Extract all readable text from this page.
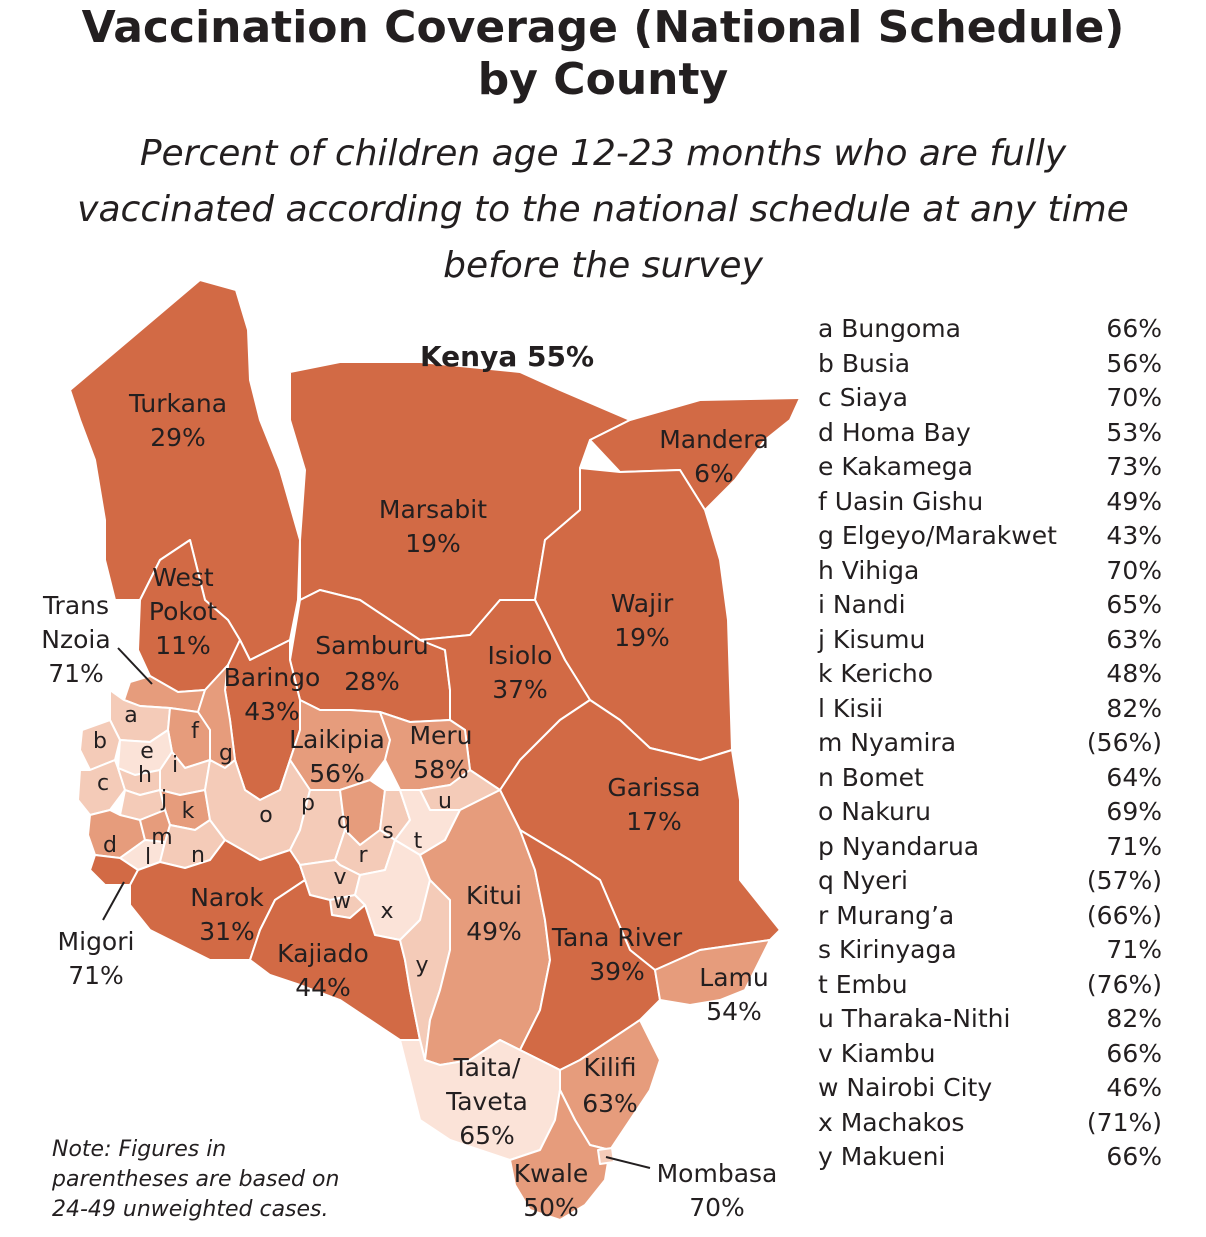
Vaccination Coverage (National Schedule)
by County

Percent of children age 12-23 months who are fully
vaccinated according to the national schedule at any time
before the survey

Kenya 55%
Turkana
29%
Marsabit
19%
Mandera
6%
Wajir
19%
West
Pokot
11%
Trans
Nzoia
71%
Samburu
28%
Isiolo
37%
Baringo
43%
Laikipia
56%
Meru
58%
Garissa
17%
Narok
31%
Migori
71%
Kajiado
44%
Kitui
49% Tana River
39% Lamu
54%
Taita/
Taveta
65%
Kilifi
63%
Kwale
50%
Mombasa
70%
a
b
c
d
e
f
g
h i
j k
l
m
n
o p
q s t
u
r
v
w x
y
a Bungoma	66%
b Busia	56%
c Siaya	70%
d Homa Bay	53%
e Kakamega	73%
f Uasin Gishu	49%
g Elgeyo/Marakwet 43%
h Vihiga	70%
i Nandi	65%
j Kisumu	63%
k Kericho	48%
l Kisii	82%
m Nyamira	(56%)
n Bomet	64%
o Nakuru	69%
p Nyandarua	71%
q Nyeri	(57%)
r Murang’a	(66%)
s Kirinyaga	71%
t Embu	(76%)
u Tharaka-Nithi	82%
v Kiambu	66%
w Nairobi City	46%
x Machakos	(71%)
y Makueni	66%
Note: Figures in
parentheses are based on
24-49 unweighted cases.
